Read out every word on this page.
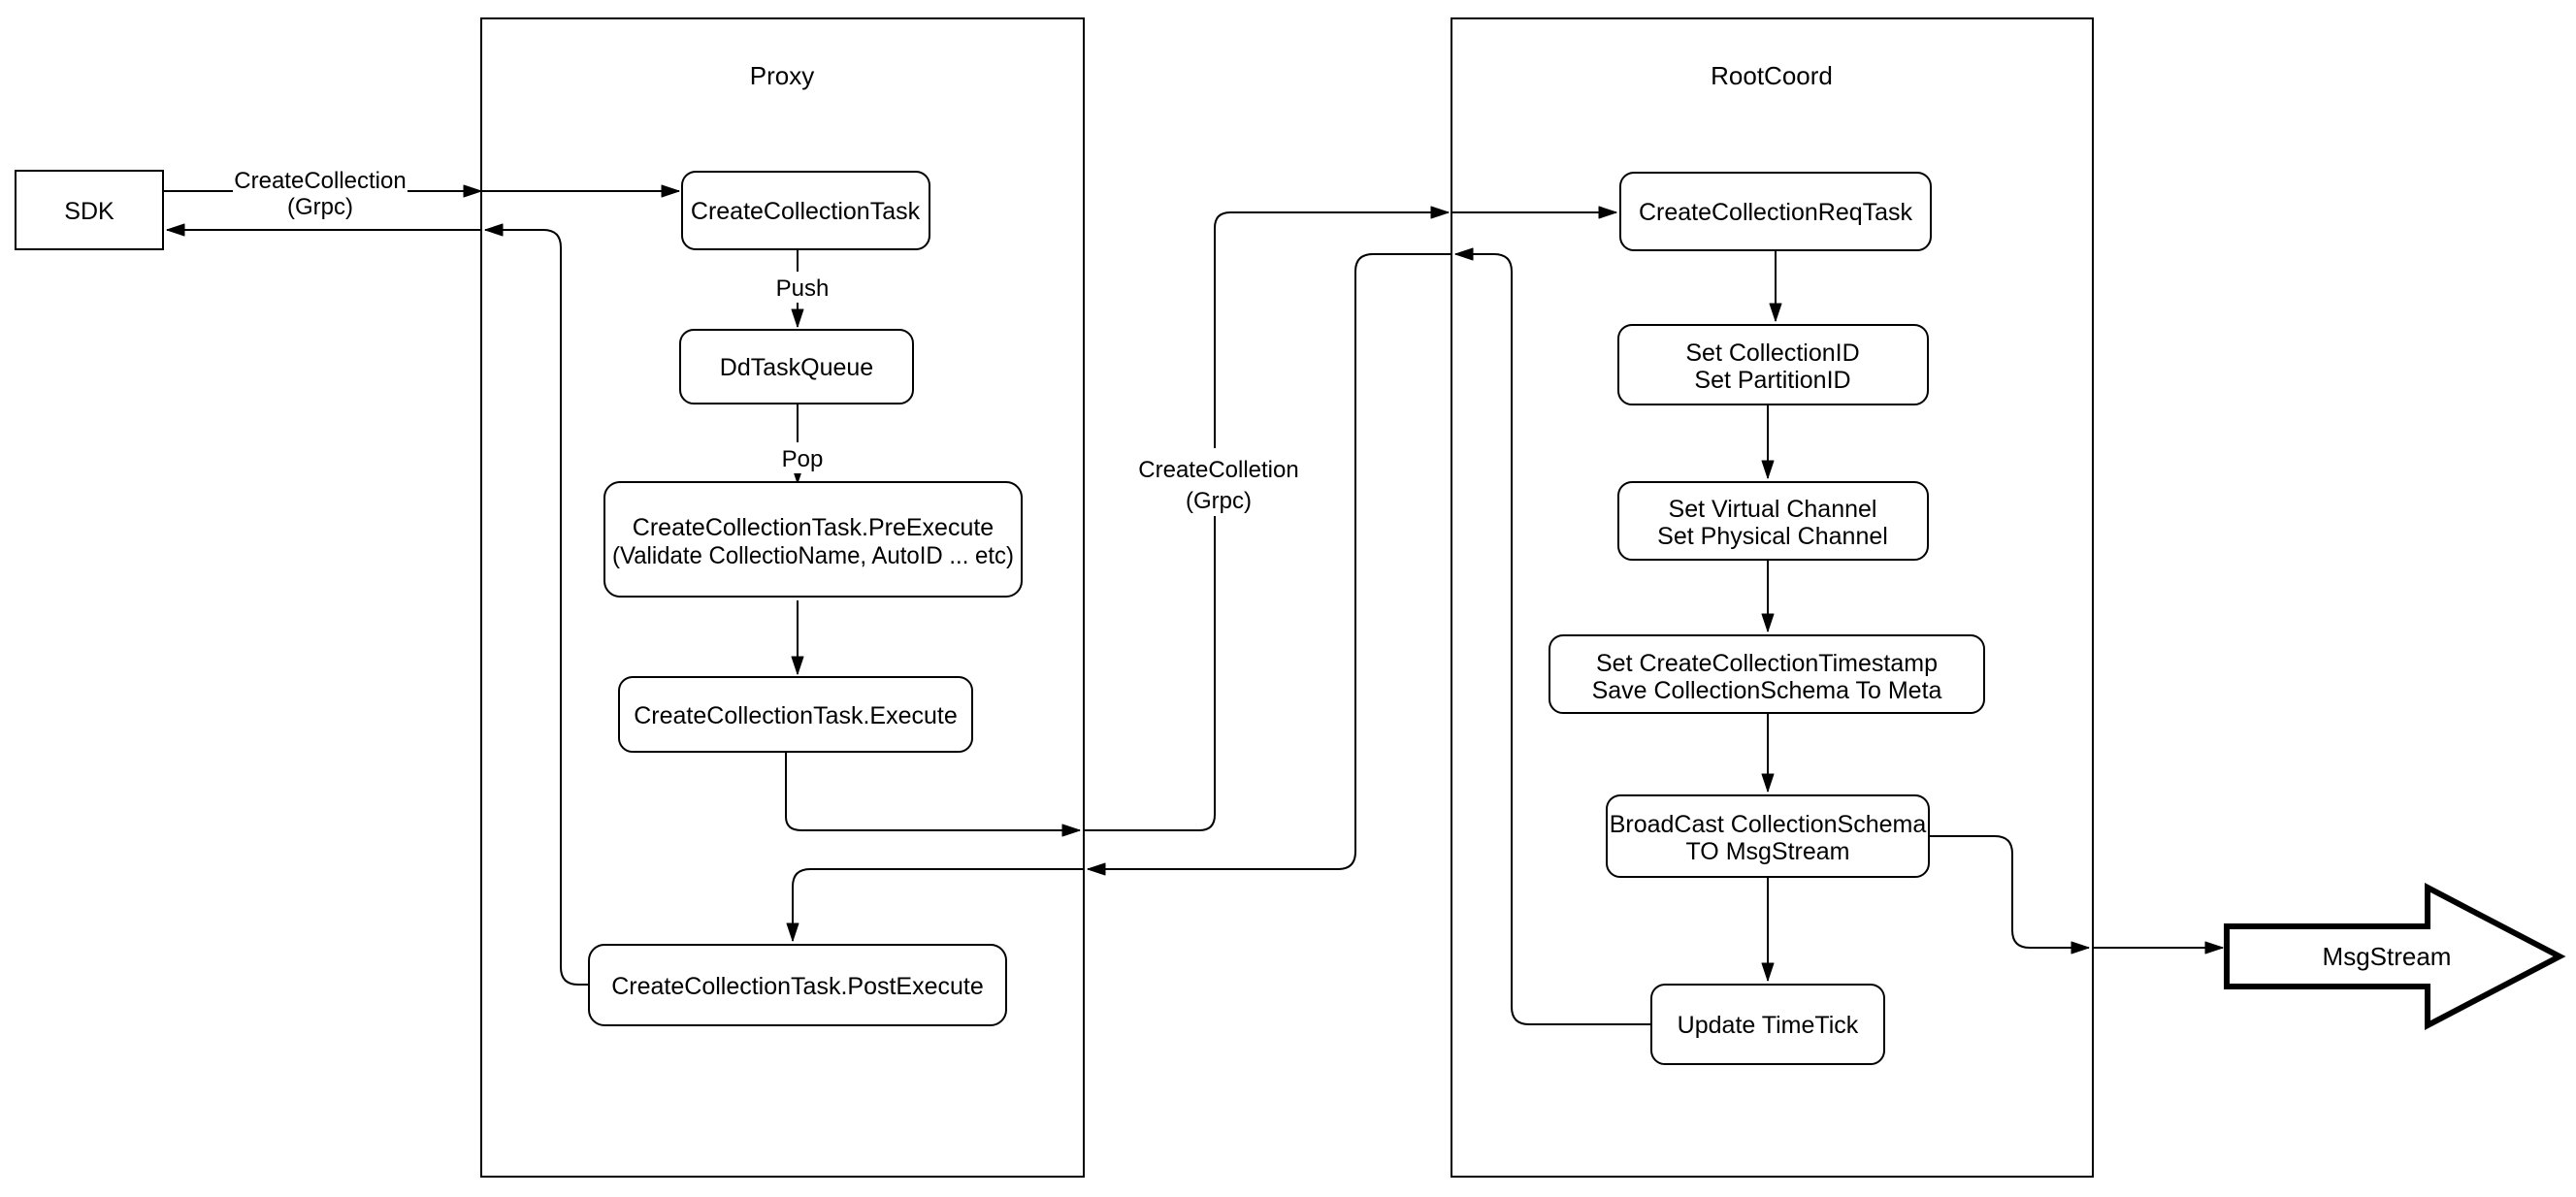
Proxy	RootCoord
CreateCollection
(Grpc)
Push
Pop	CreateColletion
(Grpc)
SDK	CreateCollectionTask
DdTaskQueue
CreateCollectionTask.PreExecute
(Validate CollectioName, AutoID ... etc)
CreateCollectionTask.Execute
CreateCollectionTask.PostExecute
CreateCollectionReqTask
Set CollectionID
Set PartitionID
Set Virtual Channel
Set Physical Channel
Set CreateCollectionTimestamp
Save CollectionSchema To Meta
BroadCast CollectionSchema
TO MsgStream
Update TimeTick
MsgStream
